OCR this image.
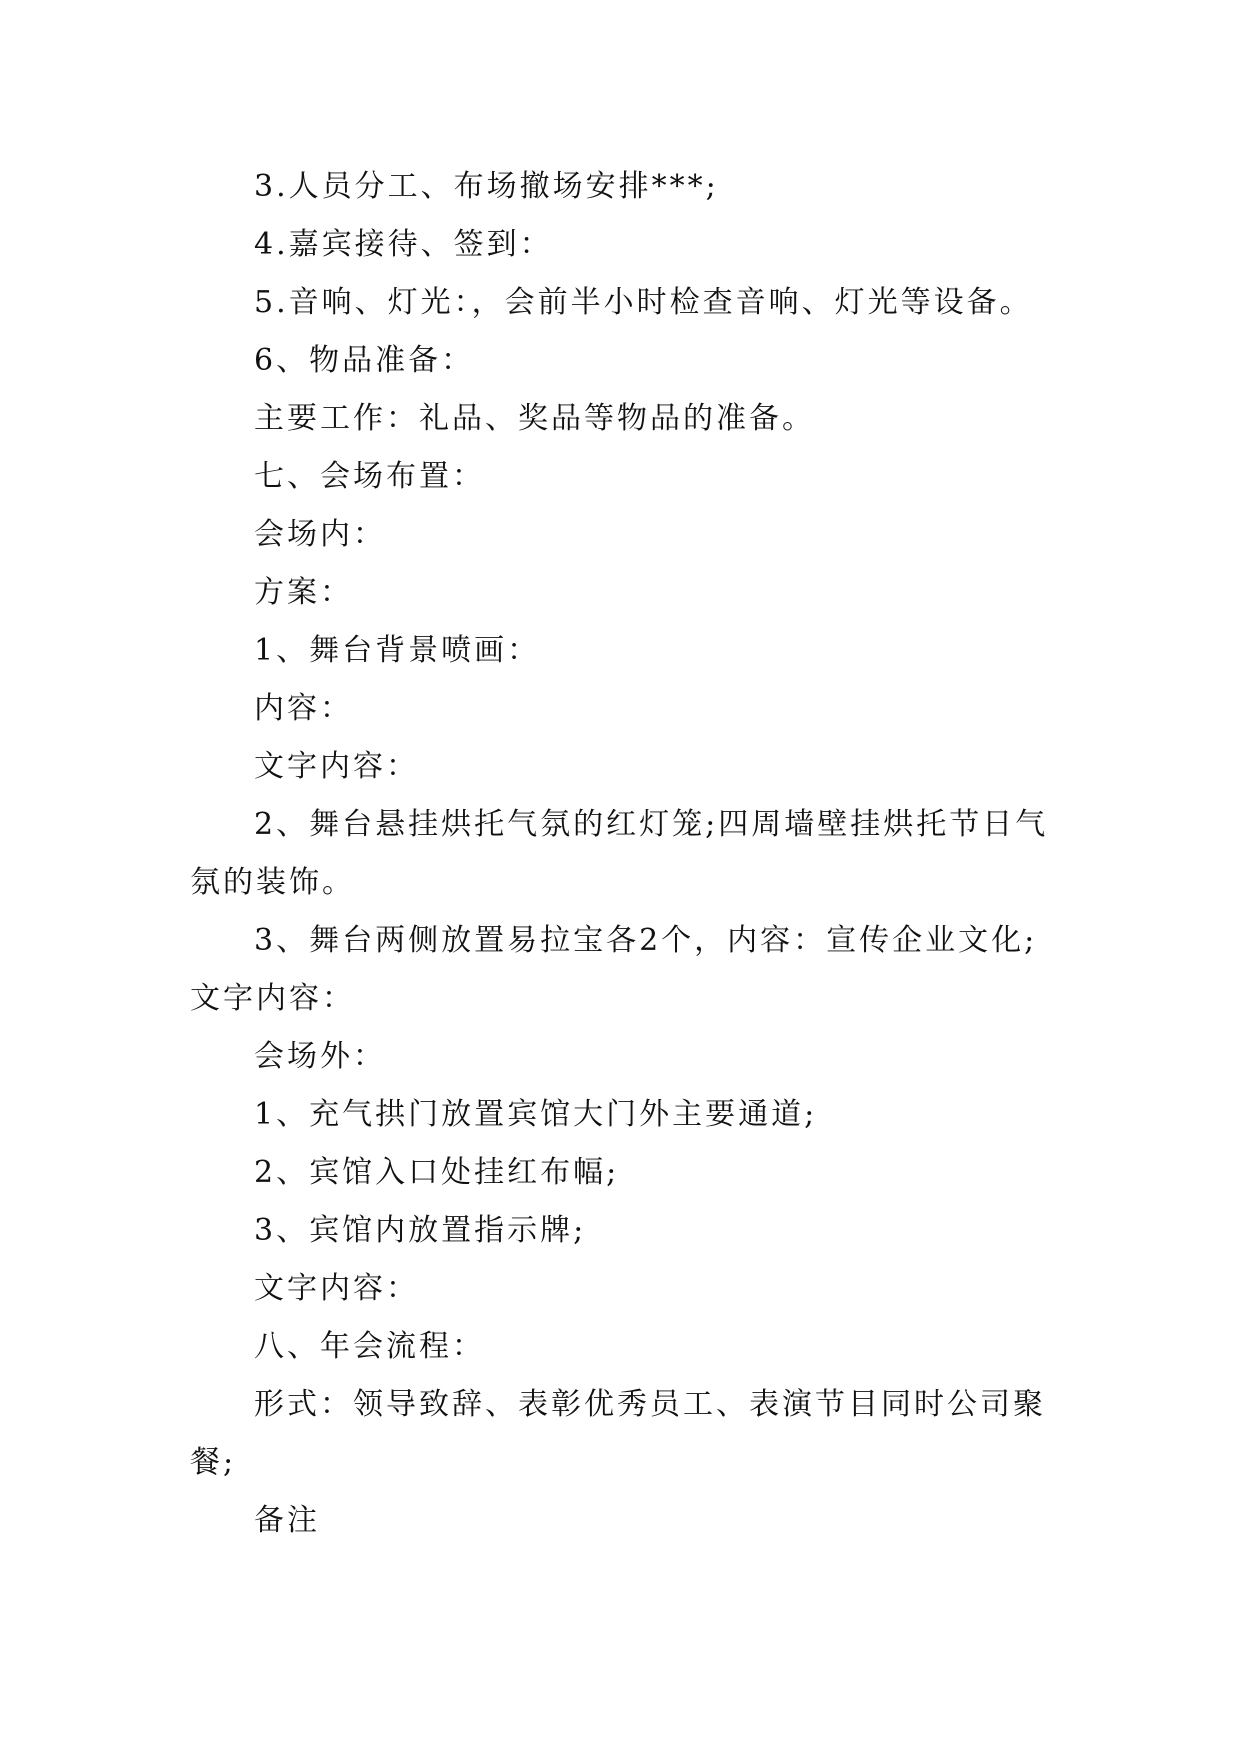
3.人员分工、布场撤场安排***;

4.嘉宾接待、签到：

5.音响、灯光：，会前半小时检查音响、灯光等设备。

6、物品准备：

主要工作：礼品、奖品等物品的准备。

七、会场布置：

会场内：

方案：

1、舞台背景喷画：

内容：

文字内容：

2、舞台悬挂烘托气氛的红灯笼;四周墙壁挂烘托节日气氛的装饰。

3、舞台两侧放置易拉宝各2个，内容：宣传企业文化;文字内容：

会场外：

1、充气拱门放置宾馆大门外主要通道;

2、宾馆入口处挂红布幅;

3、宾馆内放置指示牌;

文字内容：

八、年会流程：

形式：领导致辞、表彰优秀员工、表演节目同时公司聚餐;

备注
